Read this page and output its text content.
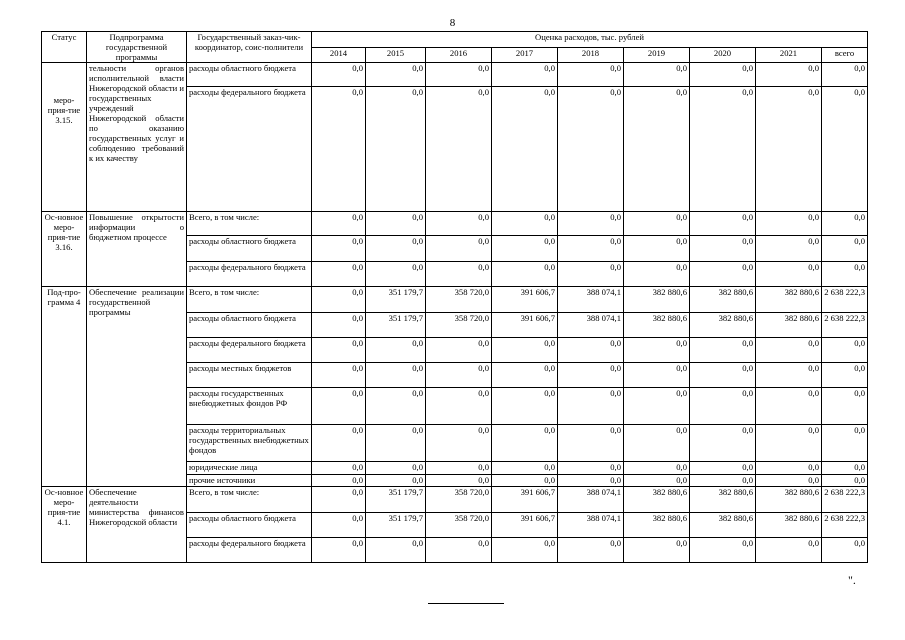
8
Статус	Подпрограмма государственной программы	Государственный заказ-чик-координатор, соис-полнители	Оценка расходов, тыс. рублей								
			2014	2015	2016	2017	2018	2019	2020	2021	всего
меро-прия-тие 3.15.	тельности органов исполнительной власти Нижегородской области и государственных учреждений Нижегородской области по оказанию государственных услуг и соблюдению требований к их качеству	расходы областного бюджета	0,0	0,0	0,0	0,0	0,0	0,0	0,0	0,0	0,0
		расходы федерального бюджета	0,0	0,0	0,0	0,0	0,0	0,0	0,0	0,0	0,0
Ос-новное меро-прия-тие 3.16.	Повышение открытости информации о бюджетном процессе	Всего, в том числе:	0,0	0,0	0,0	0,0	0,0	0,0	0,0	0,0	0,0
		расходы областного бюджета	0,0	0,0	0,0	0,0	0,0	0,0	0,0	0,0	0,0
		расходы федерального бюджета	0,0	0,0	0,0	0,0	0,0	0,0	0,0	0,0	0,0
Под-про-грамма 4	Обеспечение реализации государственной программы	Всего, в том числе:	0,0	351 179,7	358 720,0	391 606,7	388 074,1	382 880,6	382 880,6	382 880,6	2 638 222,3
		расходы областного бюджета	0,0	351 179,7	358 720,0	391 606,7	388 074,1	382 880,6	382 880,6	382 880,6	2 638 222,3
		расходы федерального бюджета	0,0	0,0	0,0	0,0	0,0	0,0	0,0	0,0	0,0
		расходы местных бюджетов	0,0	0,0	0,0	0,0	0,0	0,0	0,0	0,0	0,0
		расходы государственных внебюджетных фондов РФ	0,0	0,0	0,0	0,0	0,0	0,0	0,0	0,0	0,0
		расходы территориальных государственных внебюджетных фондов	0,0	0,0	0,0	0,0	0,0	0,0	0,0	0,0	0,0
		юридические лица	0,0	0,0	0,0	0,0	0,0	0,0	0,0	0,0	0,0
		прочие источники	0,0	0,0	0,0	0,0	0,0	0,0	0,0	0,0	0,0
Ос-новное меро-прия-тие 4.1.	Обеспечение деятельности министерства финансов Нижегородской области	Всего, в том числе:	0,0	351 179,7	358 720,0	391 606,7	388 074,1	382 880,6	382 880,6	382 880,6	2 638 222,3
		расходы областного бюджета	0,0	351 179,7	358 720,0	391 606,7	388 074,1	382 880,6	382 880,6	382 880,6	2 638 222,3
		расходы федерального бюджета	0,0	0,0	0,0	0,0	0,0	0,0	0,0	0,0	0,0
".
